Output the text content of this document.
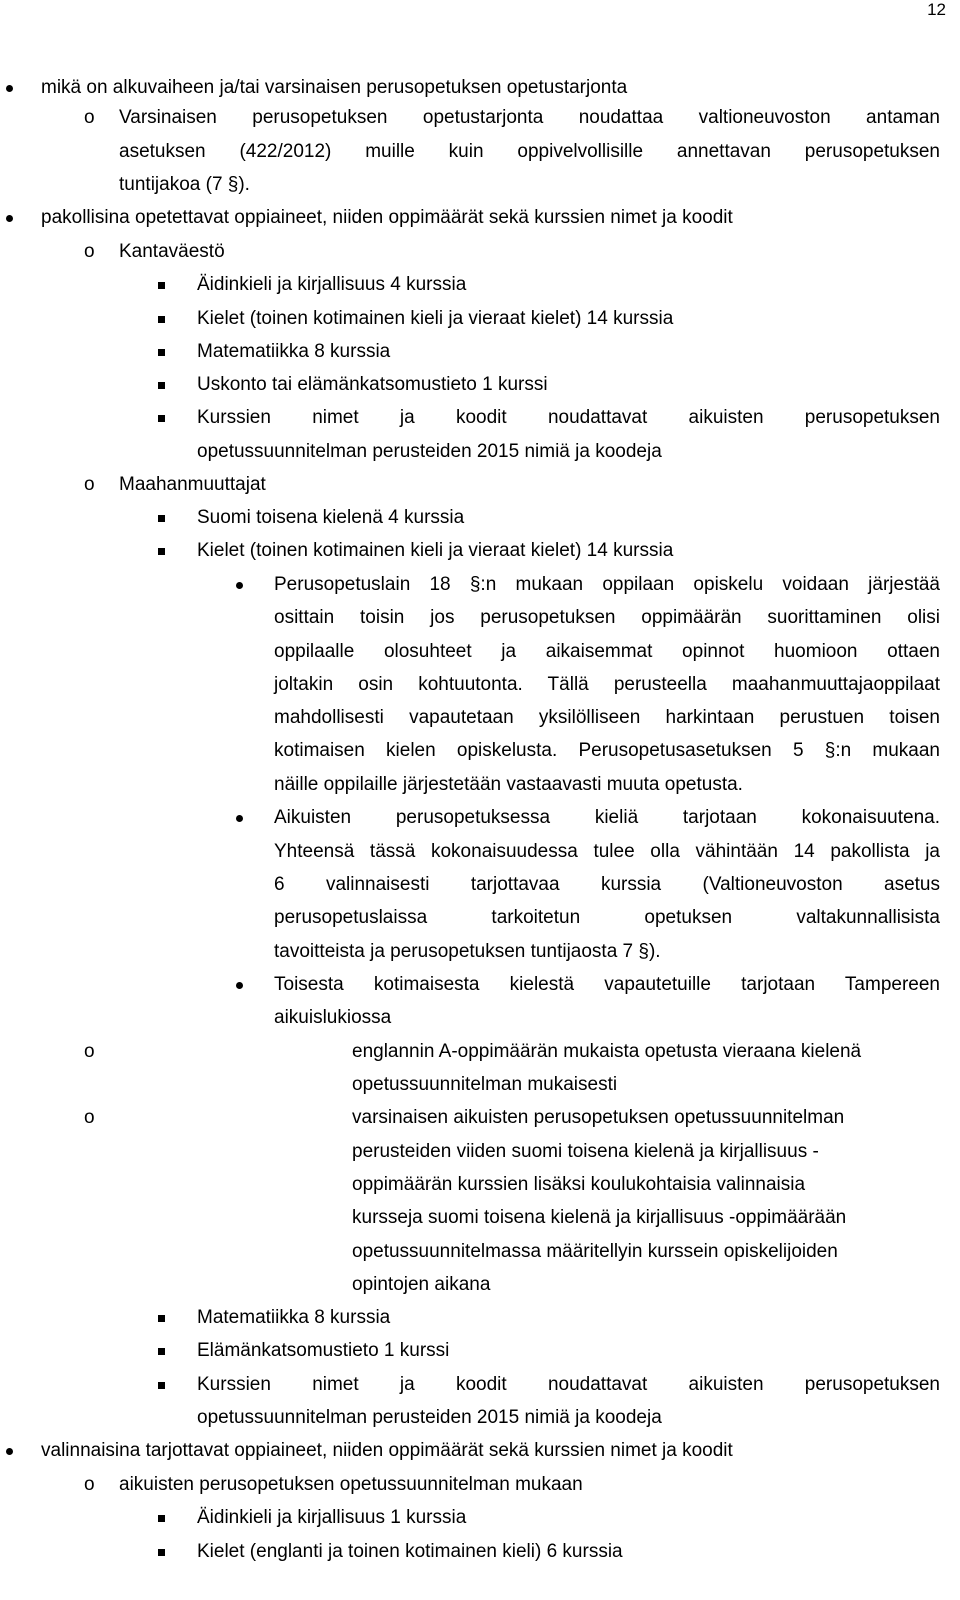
12
mikä on alkuvaiheen ja/tai varsinaisen perusopetuksen opetustarjonta
Varsinaisen perusopetuksen opetustarjonta noudattaa valtioneuvoston antaman
o
asetuksen (422/2012) muille kuin oppivelvollisille annettavan perusopetuksen
tuntijakoa (7 §).
pakollisina opetettavat oppiaineet, niiden oppimäärät sekä kurssien nimet ja koodit
Kantaväestö
o
Äidinkieli ja kirjallisuus 4 kurssia
Kielet (toinen kotimainen kieli ja vieraat kielet) 14 kurssia
Matematiikka 8 kurssia
Uskonto tai elämänkatsomustieto 1 kurssi
Kurssien nimet ja koodit noudattavat aikuisten perusopetuksen
opetussuunnitelman perusteiden 2015 nimiä ja koodeja
Maahanmuuttajat
o
Suomi toisena kielenä 4 kurssia
Kielet (toinen kotimainen kieli ja vieraat kielet) 14 kurssia
Perusopetuslain 18 §:n mukaan oppilaan opiskelu voidaan järjestää
osittain toisin jos perusopetuksen oppimäärän suorittaminen olisi
oppilaalle olosuhteet ja aikaisemmat opinnot huomioon ottaen
joltakin osin kohtuutonta. Tällä perusteella maahanmuuttajaoppilaat
mahdollisesti vapautetaan yksilölliseen harkintaan perustuen toisen
kotimaisen kielen opiskelusta. Perusopetusasetuksen 5 §:n mukaan
näille oppilaille järjestetään vastaavasti muuta opetusta.
Aikuisten perusopetuksessa kieliä tarjotaan kokonaisuutena.
Yhteensä tässä kokonaisuudessa tulee olla vähintään 14 pakollista ja
6 valinnaisesti tarjottavaa kurssia (Valtioneuvoston asetus
perusopetuslaissa tarkoitetun opetuksen valtakunnallisista
tavoitteista ja perusopetuksen tuntijaosta 7 §).
Toisesta kotimaisesta kielestä vapautetuille tarjotaan Tampereen
aikuislukiossa
englannin A-oppimäärän mukaista opetusta vieraana kielenä
o
opetussuunnitelman mukaisesti
varsinaisen aikuisten perusopetuksen opetussuunnitelman
o
perusteiden viiden suomi toisena kielenä ja kirjallisuus -
oppimäärän kurssien lisäksi koulukohtaisia valinnaisia
kursseja suomi toisena kielenä ja kirjallisuus -oppimäärään
opetussuunnitelmassa määritellyin kurssein opiskelijoiden
opintojen aikana
Matematiikka 8 kurssia
Elämänkatsomustieto 1 kurssi
Kurssien nimet ja koodit noudattavat aikuisten perusopetuksen
opetussuunnitelman perusteiden 2015 nimiä ja koodeja
valinnaisina tarjottavat oppiaineet, niiden oppimäärät sekä kurssien nimet ja koodit
aikuisten perusopetuksen opetussuunnitelman mukaan
o
Äidinkieli ja kirjallisuus 1 kurssia
Kielet (englanti ja toinen kotimainen kieli) 6 kurssia
